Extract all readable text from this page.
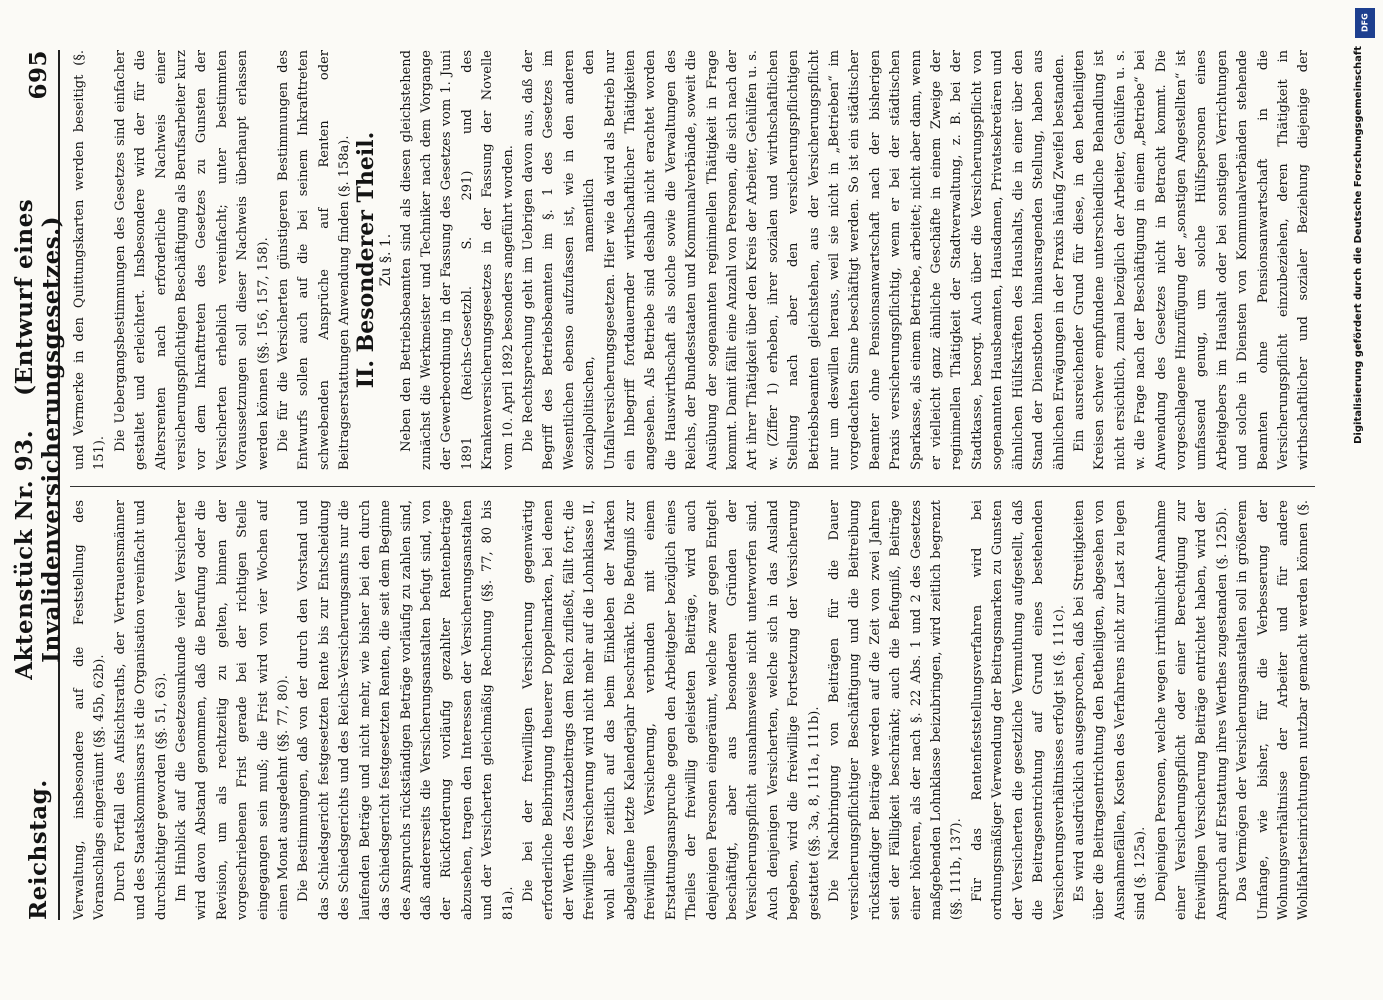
Reichstag.
Aktenstück Nr. 93.    (Entwurf eines Invalidenversicherungsgesetzes.)
695

Verwaltung, insbesondere auf die Feststellung des Voranschlags eingeräumt (§§. 45b, 62b). Durch Fortfall des Aufsichtsraths, der Vertrauensmänner und des Staatskommissars ist die Organisation vereinfacht und durchsichtiger geworden (§§. 51, 63). Im Hinblick auf die Gesetzesunkunde vieler Versicherter wird davon Abstand genommen, daß die Berufung oder die Revision, um als rechtzeitig zu gelten, binnen der vorgeschriebenen Frist gerade bei der richtigen Stelle eingegangen sein muß; die Frist wird von vier Wochen auf einen Monat ausgedehnt (§§. 77, 80). Die Bestimmungen, daß von der durch den Vorstand und das Schiedsgericht festgesetzten Rente bis zur Entscheidung des Schiedsgerichts und des Reichs-Versicherungsamts nur die laufenden Beträge und nicht mehr, wie bisher bei den durch das Schiedsgericht festgesetzten Renten, die seit dem Beginne des Anspruchs rückständigen Beträge vorläufig zu zahlen sind, daß andererseits die Versicherungsanstalten befugt sind, von der Rückforderung vorläufig gezahlter Rentenbeträge abzusehen, tragen den Interessen der Versicherungsanstalten und der Versicherten gleichmäßig Rechnung (§§. 77, 80 bis 81a).

Die bei der freiwilligen Versicherung gegenwärtig erforderliche Beibringung theuerer Doppelmarken, bei denen der Werth des Zusatzbeitrags dem Reich zufließt, fällt fort; die freiwillige Versicherung wird nicht mehr auf die Lohnklasse II, wohl aber zeitlich auf das beim Einkleben der Marken abgelaufene letzte Kalenderjahr beschränkt. Die Befugniß zur freiwilligen Versicherung, verbunden mit einem Erstattungsanspruche gegen den Arbeitgeber bezüglich eines Theiles der freiwillig geleisteten Beiträge, wird auch denjenigen Personen eingeräumt, welche zwar gegen Entgelt beschäftigt, aber aus besonderen Gründen der Versicherungspflicht ausnahmsweise nicht unterworfen sind. Auch denjenigen Versicherten, welche sich in das Ausland begeben, wird die freiwillige Fortsetzung der Versicherung gestattet (§§. 3a, 8, 111a, 111b). Die Nachbringung von Beiträgen für die Dauer versicherungspflichtiger Beschäftigung und die Beitreibung rückständiger Beiträge werden auf die Zeit von zwei Jahren seit der Fälligkeit beschränkt; auch die Befugniß, Beiträge einer höheren, als der nach §. 22 Abs. 1 und 2 des Gesetzes maßgebenden Lohnklasse beizubringen, wird zeitlich begrenzt (§§. 111b, 137). Für das Rentenfeststellungsverfahren wird bei ordnungsmäßiger Verwendung der Beitragsmarken zu Gunsten der Versicherten die gesetzliche Vermuthung aufgestellt, daß die Beitragsentrichtung auf Grund eines bestehenden Versicherungsverhältnisses erfolgt ist (§. 111c). Es wird ausdrücklich ausgesprochen, daß bei Streitigkeiten über die Beitragsentrichtung den Betheiligten, abgesehen von Ausnahmefällen, Kosten des Verfahrens nicht zur Last zu legen sind (§. 125a). Denjenigen Personen, welche wegen irrthümlicher Annahme einer Versicherungspflicht oder einer Berechtigung zur freiwilligen Versicherung Beiträge entrichtet haben, wird der Anspruch auf Erstattung ihres Werthes zugestanden (§. 125b). Das Vermögen der Versicherungsanstalten soll in größerem Umfange, wie bisher, für die Verbesserung der Wohnungsverhältnisse der Arbeiter und für andere Wohlfahrtseinrichtungen nutzbar gemacht werden können (§.

und Vermerke in den Quittungskarten werden beseitigt (§. 151).

Die Uebergangsbestimmungen des Gesetzes sind einfacher gestaltet und erleichtert. Insbesondere wird der für die Altersrenten nach erforderliche Nachweis einer versicherungspflichtigen Beschäftigung als Berufsarbeiter kurz vor dem Inkrafttreten des Gesetzes zu Gunsten der Versicherten erheblich vereinfacht; unter bestimmten Voraussetzungen soll dieser Nachweis überhaupt erlassen werden können (§§. 156, 157, 158). Die für die Versicherten günstigeren Bestimmungen des Entwurfs sollen auch auf die bei seinem Inkrafttreten schwebenden Ansprüche auf Renten oder Beitragserstattungen Anwendung finden (§. 158a). II. Besonderer Theil. Zu §. 1. Neben den Betriebsbeamten sind als diesen gleichstehend zunächst die Werkmeister und Techniker nach dem Vorgange der Gewerbeordnung in der Fassung des Gesetzes vom 1. Juni 1891 (Reichs-Gesetzbl. S. 291) und des Krankenversicherungsgesetzes in der Fassung der Novelle vom 10. April 1892 besonders angeführt worden. Die Rechtsprechung geht im Uebrigen davon aus, daß der Begriff des Betriebsbeamten im §. 1 des Gesetzes im Wesentlichen ebenso aufzufassen ist, wie in den anderen sozialpolitischen, namentlich den Unfallversicherungsgesetzen. Hier wie da wird als Betrieb nur ein Inbegriff fortdauernder wirthschaftlicher Thätigkeiten angesehen. Als Betriebe sind deshalb nicht erachtet worden die Hauswirthschaft als solche sowie die Verwaltungen des Reichs, der Bundesstaaten und Kommunalverbände, soweit die Ausübung der sogenannten reginimellen Thätigkeit in Frage kommt. Damit fällt eine Anzahl von Personen, die sich nach der Art ihrer Thätigkeit über den Kreis der Arbeiter, Gehülfen u. s. w. (Ziffer 1) erheben, ihrer sozialen und wirthschaftlichen Stellung nach aber den versicherungspflichtigen Betriebsbeamten gleichstehen, aus der Versicherungspflicht nur um deswillen heraus, weil sie nicht in „Betrieben“ im vorgedachten Sinne beschäftigt werden. So ist ein städtischer Beamter ohne Pensionsanwartschaft nach der bisherigen Praxis versicherungspflichtig, wenn er bei der städtischen Sparkasse, als einem Betriebe, arbeitet; nicht aber dann, wenn er vielleicht ganz ähnliche Geschäfte in einem Zweige der reginimellen Thätigkeit der Stadtverwaltung, z. B. bei der Stadtkasse, besorgt. Auch über die Versicherungspflicht von sogenannten Hausbeamten, Hausdamen, Privatsekretären und ähnlichen Hülfskräften des Haushalts, die in einer über den Stand der Dienstboten hinausragenden Stellung, haben aus ähnlichen Erwägungen in der Praxis häufig Zweifel bestanden. Ein ausreichender Grund für diese, in den betheiligten Kreisen schwer empfundene unterschiedliche Behandlung ist nicht ersichtlich, zumal bezüglich der Arbeiter, Gehülfen u. s. w. die Frage nach der Beschäftigung in einem „Betriebe“ bei Anwendung des Gesetzes nicht in Betracht kommt. Die vorgeschlagene Hinzufügung der „sonstigen Angestellten“ ist umfassend genug, um solche Hülfspersonen eines Arbeitgebers im Haushalt oder bei sonstigen Verrichtungen und solche in Diensten von Kommunalverbänden stehende Beamten ohne Pensionsanwartschaft in die Versicherungspflicht einzubeziehen, deren Thätigkeit in wirthschaftlicher und sozialer Beziehung diejenige der

DFG
Digitalisierung gefördert durch die Deutsche Forschungsgemeinschaft
